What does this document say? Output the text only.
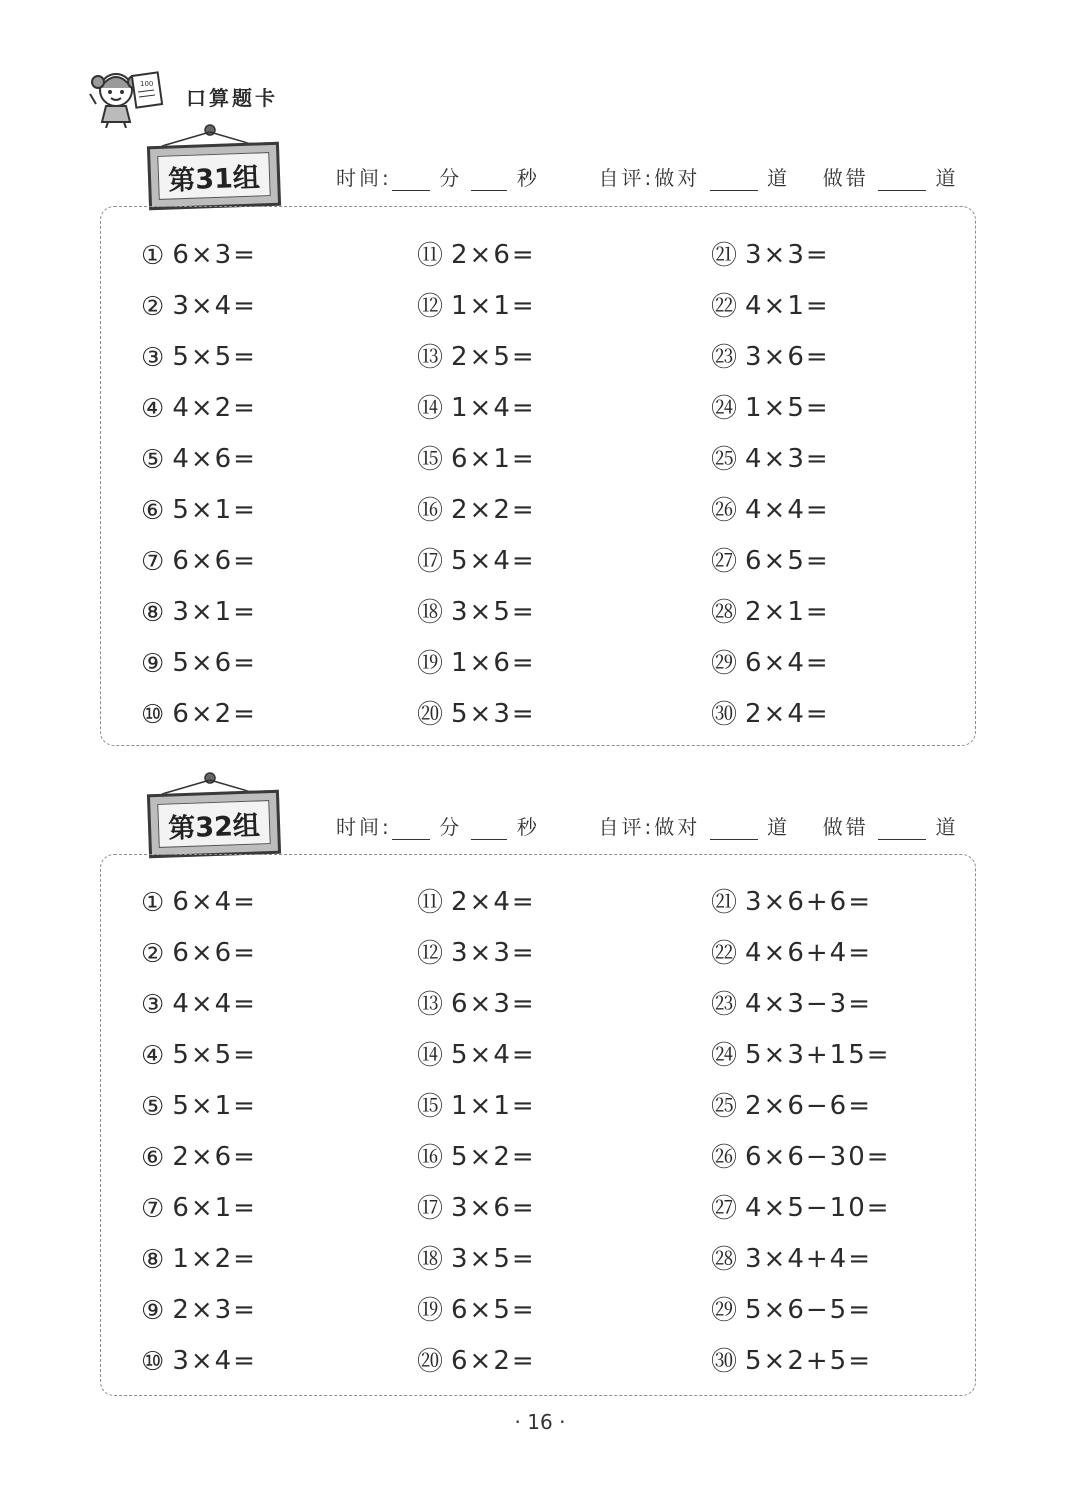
100
口算题卡
第31组	时间: 分	秒	自评:做对	道 做错	道
① 6×3=
② 3×4=
③ 5×5=
④ 4×2=
⑤ 4×6=
⑥ 5×1=
⑦ 6×6=
⑧ 3×1=
⑨ 5×6=
⑩ 6×2=
⑪ 2×6=
⑫ 1×1=
⑬ 2×5=
⑭ 1×4=
⑮ 6×1=
⑯ 2×2=
⑰ 5×4=
⑱ 3×5=
⑲ 1×6=
⑳ 5×3=
㉑ 3×3=
㉒ 4×1=
㉓ 3×6=
㉔ 1×5=
㉕ 4×3=
㉖ 4×4=
㉗ 6×5=
㉘ 2×1=
㉙ 6×4=
㉚ 2×4=
第32组	时间: 分	秒	自评:做对	道 做错	道
① 6×4=
② 6×6=
③ 4×4=
④ 5×5=
⑤ 5×1=
⑥ 2×6=
⑦ 6×1=
⑧ 1×2=
⑨ 2×3=
⑩ 3×4=
⑪ 2×4=
⑫ 3×3=
⑬ 6×3=
⑭ 5×4=
⑮ 1×1=
⑯ 5×2=
⑰ 3×6=
⑱ 3×5=
⑲ 6×5=
⑳ 6×2=
㉑ 3×6+6=
㉒ 4×6+4=
㉓ 4×3−3=
㉔ 5×3+15=
㉕ 2×6−6=
㉖ 6×6−30=
㉗ 4×5−10=
㉘ 3×4+4=
㉙ 5×6−5=
㉚ 5×2+5=
· 16 ·
